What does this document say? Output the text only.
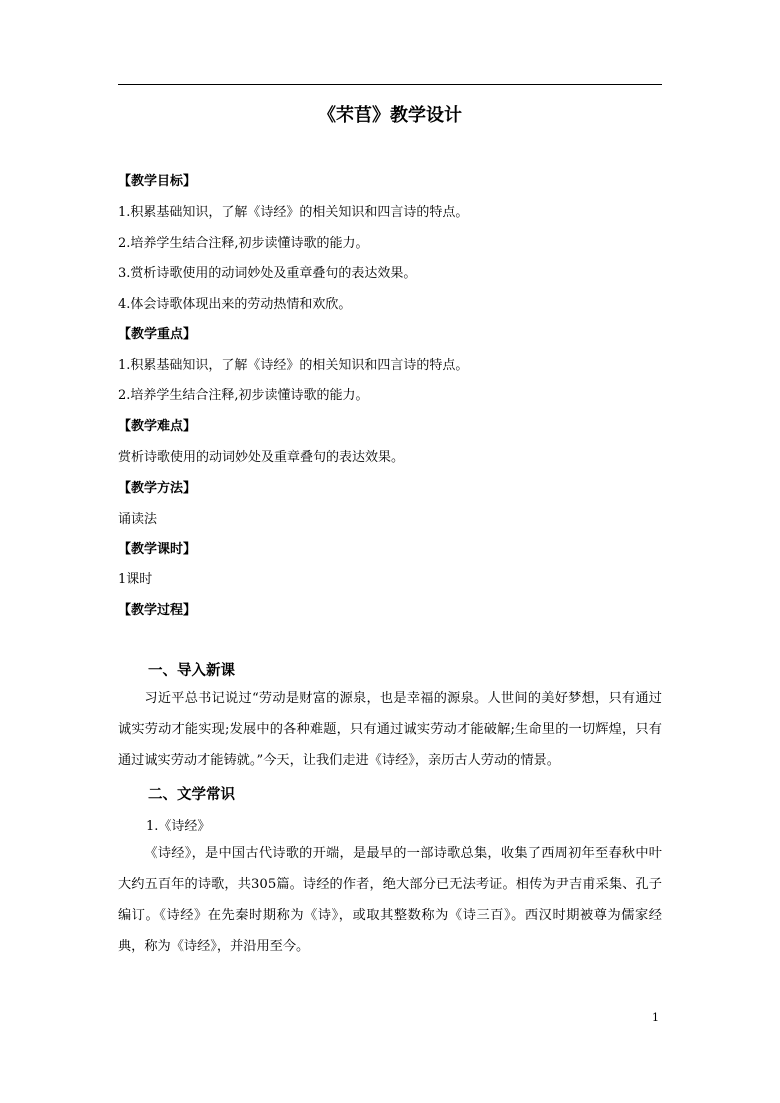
《芣苢》教学设计
【教学目标】
1.积累基础知识，了解《诗经》的相关知识和四言诗的特点。
2.培养学生结合注释,初步读懂诗歌的能力。
3.赏析诗歌使用的动词妙处及重章叠句的表达效果。
4.体会诗歌体现出来的劳动热情和欢欣。
【教学重点】
1.积累基础知识，了解《诗经》的相关知识和四言诗的特点。
2.培养学生结合注释,初步读懂诗歌的能力。
【教学难点】
赏析诗歌使用的动词妙处及重章叠句的表达效果。
【教学方法】
诵读法
【教学课时】
1课时
【教学过程】
一、导入新课
习近平总书记说过“劳动是财富的源泉，也是幸福的源泉。人世间的美好梦想，只有通过诚实劳动才能实现;发展中的各种难题，只有通过诚实劳动才能破解;生命里的一切辉煌，只有通过诚实劳动才能铸就。”今天，让我们走进《诗经》，亲历古人劳动的情景。
二、文学常识
1.《诗经》
《诗经》，是中国古代诗歌的开端，是最早的一部诗歌总集，收集了西周初年至春秋中叶大约五百年的诗歌，共305篇。诗经的作者，绝大部分已无法考证。相传为尹吉甫采集、孔子编订。《诗经》在先秦时期称为《诗》，或取其整数称为《诗三百》。西汉时期被尊为儒家经典，称为《诗经》，并沿用至今。
1
